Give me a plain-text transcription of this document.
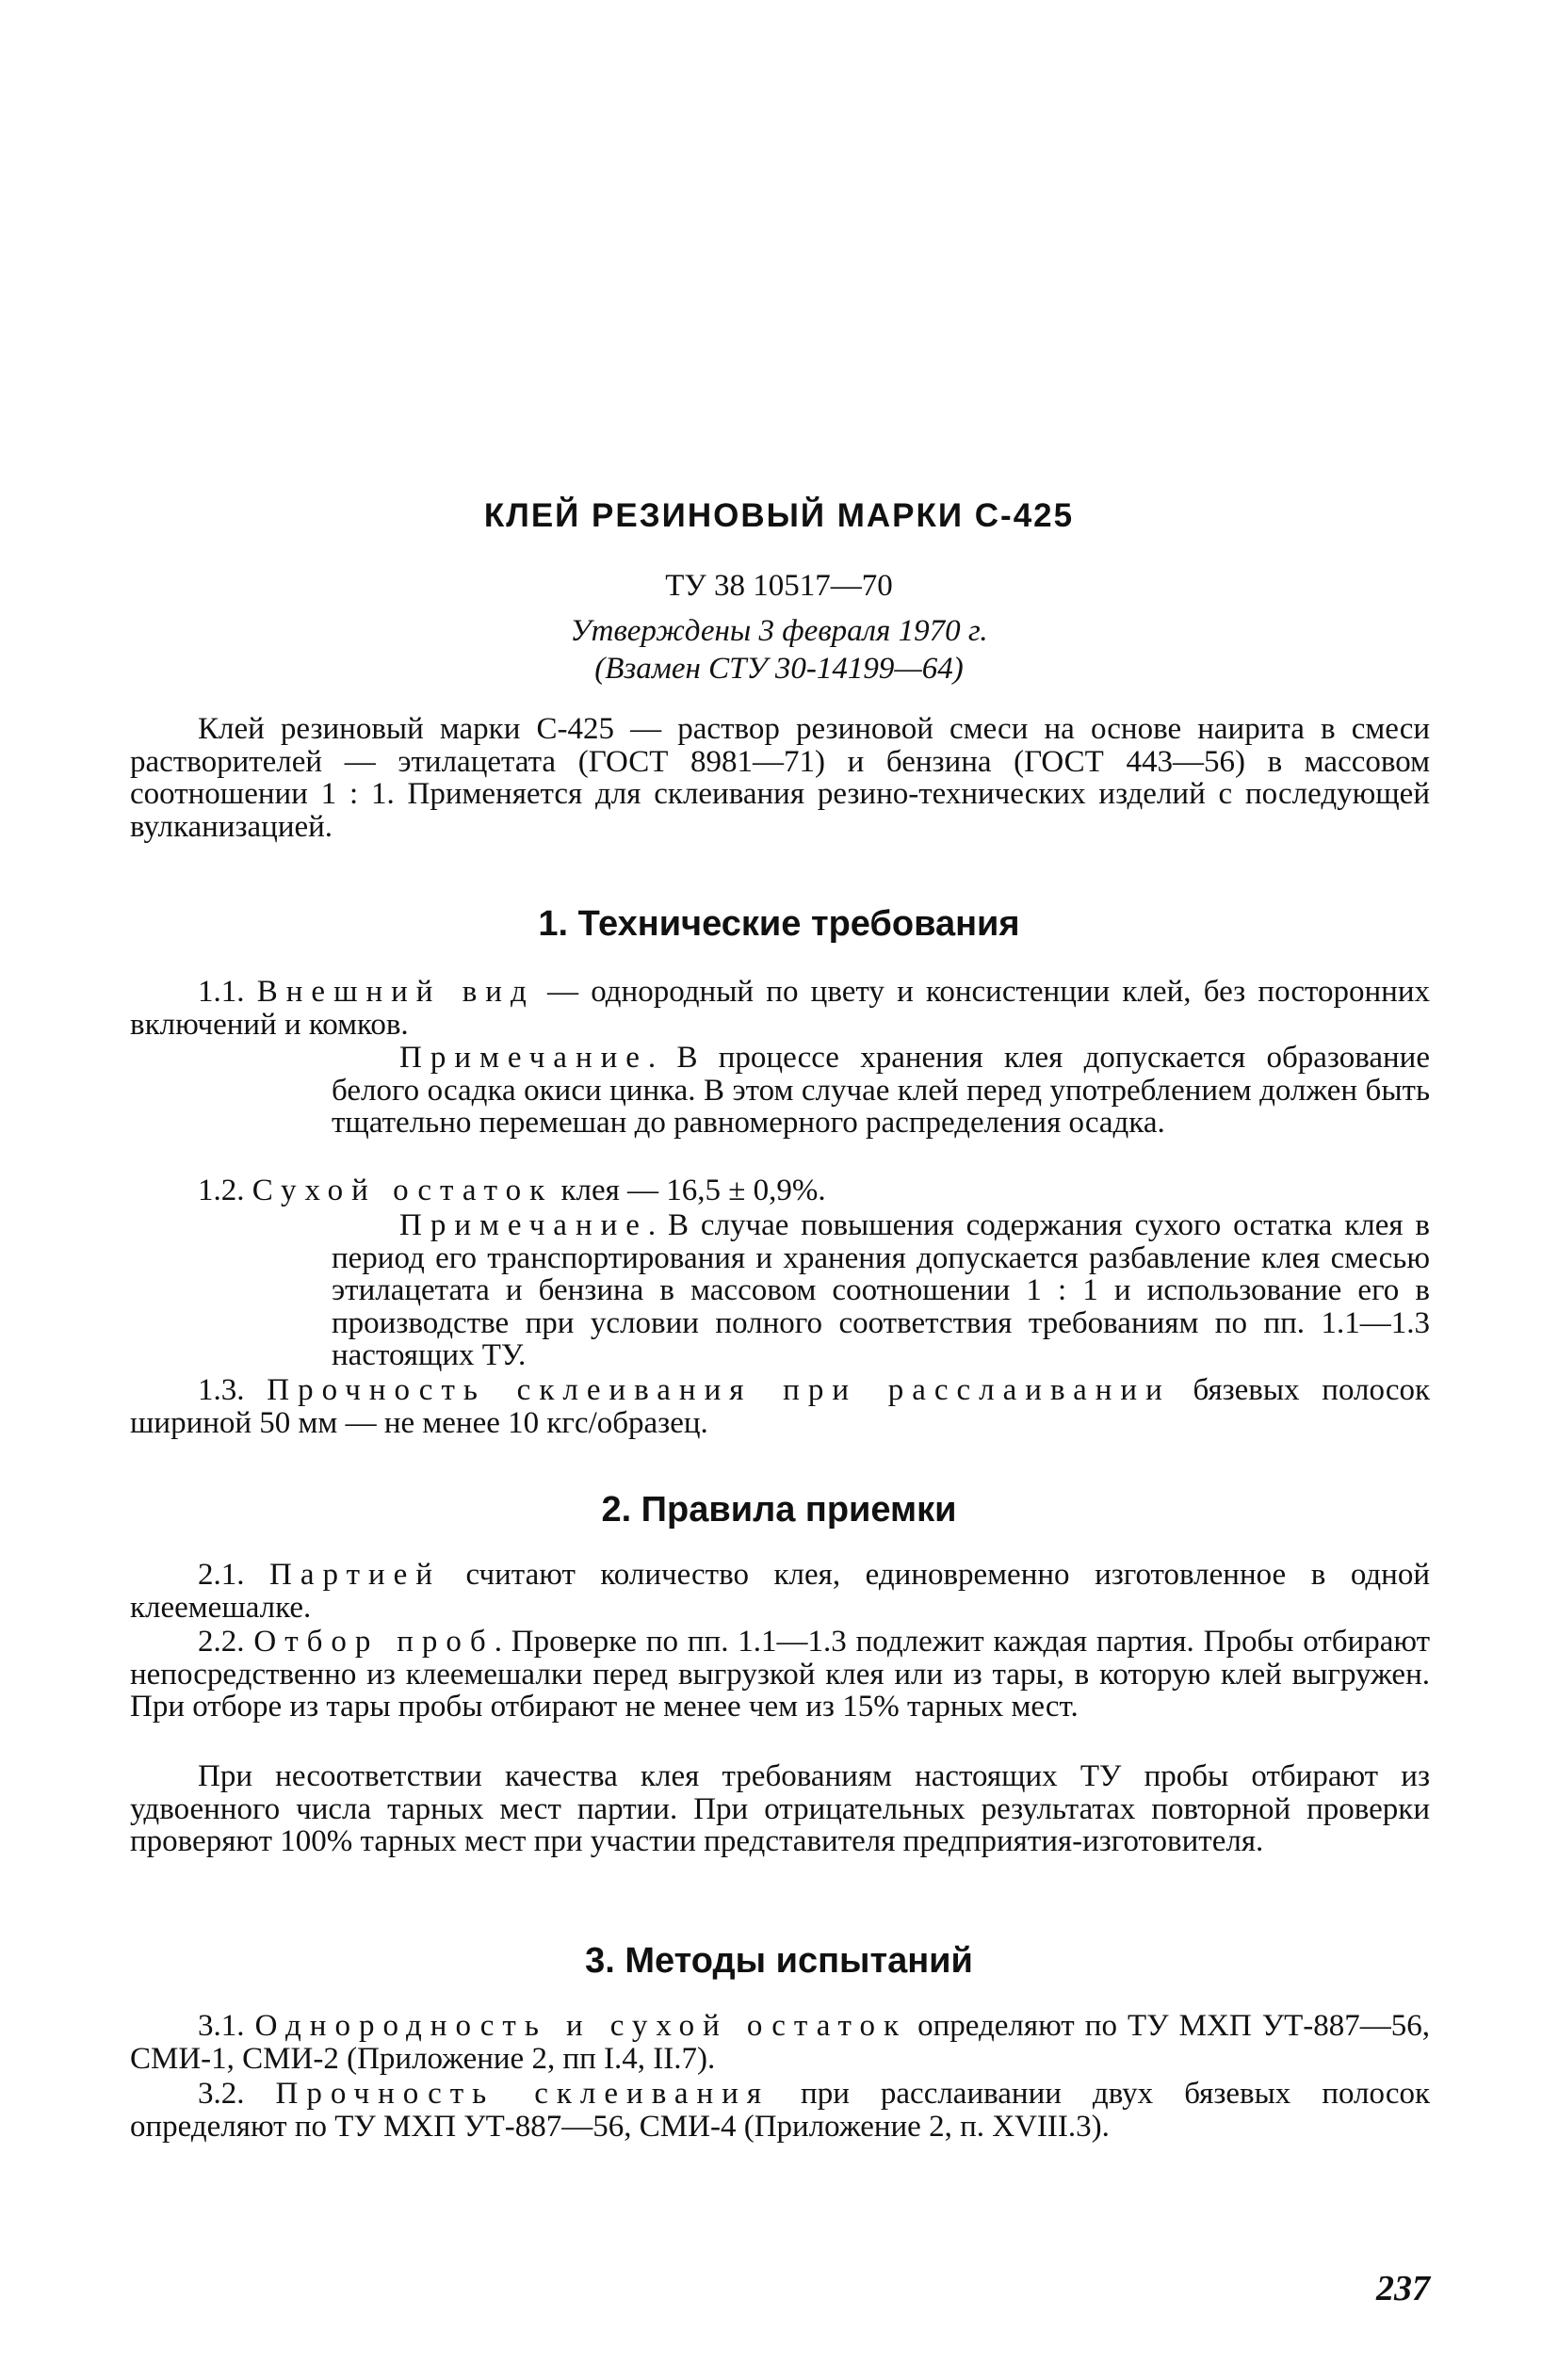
КЛЕЙ РЕЗИНОВЫЙ МАРКИ С-425
ТУ 38 10517—70
Утверждены 3 февраля 1970 г.
(Взамен СТУ 30-14199—64)

Клей резиновый марки С-425 — раствор резиновой смеси на основе наирита в смеси растворителей — этилацетата (ГОСТ 8981—71) и бензина (ГОСТ 443—56) в массовом соотношении 1 : 1. Применяется для склеивания резино-технических изделий с последующей вулканизацией.

1. Технические требования

1.1. Внешний вид — однородный по цвету и консистенции клей, без посторонних включений и комков.

Примечание. В процессе хранения клея допускается образование белого осадка окиси цинка. В этом случае клей перед употреблением должен быть тщательно перемешан до равномерного распределения осадка.

1.2. Сухой остаток клея — 16,5 ± 0,9%.

Примечание. В случае повышения содержания сухого остатка клея в период его транспортирования и хранения допускается разбавление клея смесью этилацетата и бензина в массовом соотношении 1 : 1 и использование его в производстве при условии полного соответствия требованиям по пп. 1.1—1.3 настоящих ТУ.

1.3. Прочность склеивания при расслаивании бязевых полосок шириной 50 мм — не менее 10 кгс/образец.

2. Правила приемки

2.1. Партией считают количество клея, единовременно изготовленное в одной клеемешалке.

2.2. Отбор проб. Проверке по пп. 1.1—1.3 подлежит каждая партия. Пробы отбирают непосредственно из клеемешалки перед выгрузкой клея или из тары, в которую клей выгружен. При отборе из тары пробы отбирают не менее чем из 15% тарных мест.

При несоответствии качества клея требованиям настоящих ТУ пробы отбирают из удвоенного числа тарных мест партии. При отрицательных результатах повторной проверки проверяют 100% тарных мест при участии представителя предприятия-изготовителя.

3. Методы испытаний

3.1. Однородность и сухой остаток определяют по ТУ МХП УТ-887—56, СМИ-1, СМИ-2 (Приложение 2, пп І.4, ІІ.7).

3.2. Прочность склеивания при расслаивании двух бязевых полосок определяют по ТУ МХП УТ-887—56, СМИ-4 (Приложение 2, п. XVIII.3).

237
